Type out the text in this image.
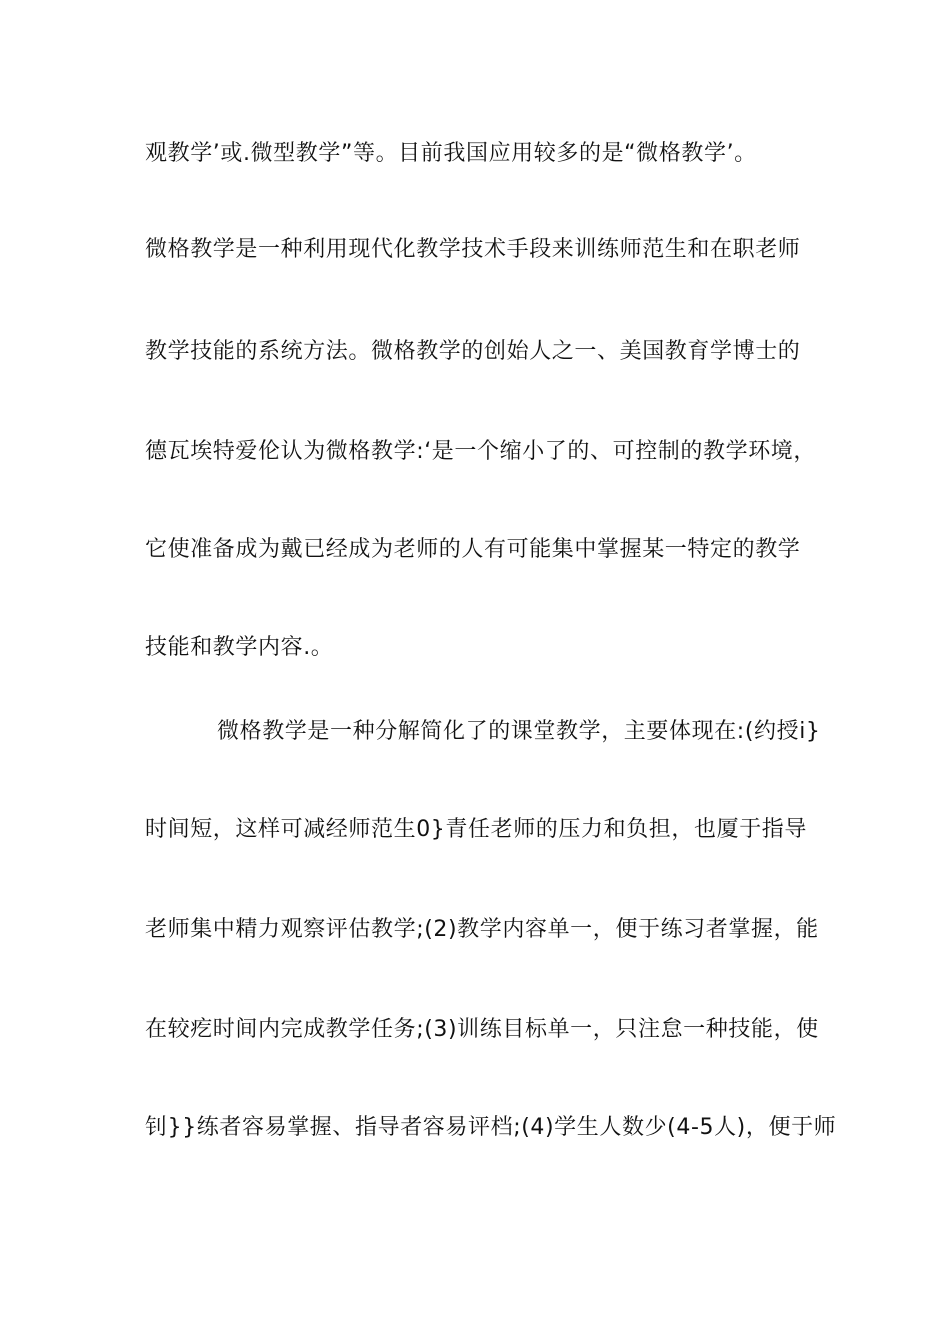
观教学’或.微型教学”等。目前我国应用较多的是“微格教学’。
微格教学是一种利用现代化教学技术手段来训练师范生和在职老师
教学技能的系统方法。微格教学的创始人之一、美国教育学博士的
德瓦埃特爱伦认为微格教学:‘是一个缩小了的、可控制的教学环境，
它使准备成为戴已经成为老师的人有可能集中掌握某一特定的教学
技能和教学内容.。
微格教学是一种分解简化了的课堂教学，主要体现在:(约授i}
时间短，这样可减经师范生0}青任老师的压力和负担，也厦于指导
老师集中精力观察评估教学;(2)教学内容单一，便于练习者掌握，能
在较疙时间内完成教学任务;(3)训练目标单一，只注怠一种技能，使
钊}}练者容易掌握、指导者容易评档;(4)学生人数少(4-5人)，便于师
